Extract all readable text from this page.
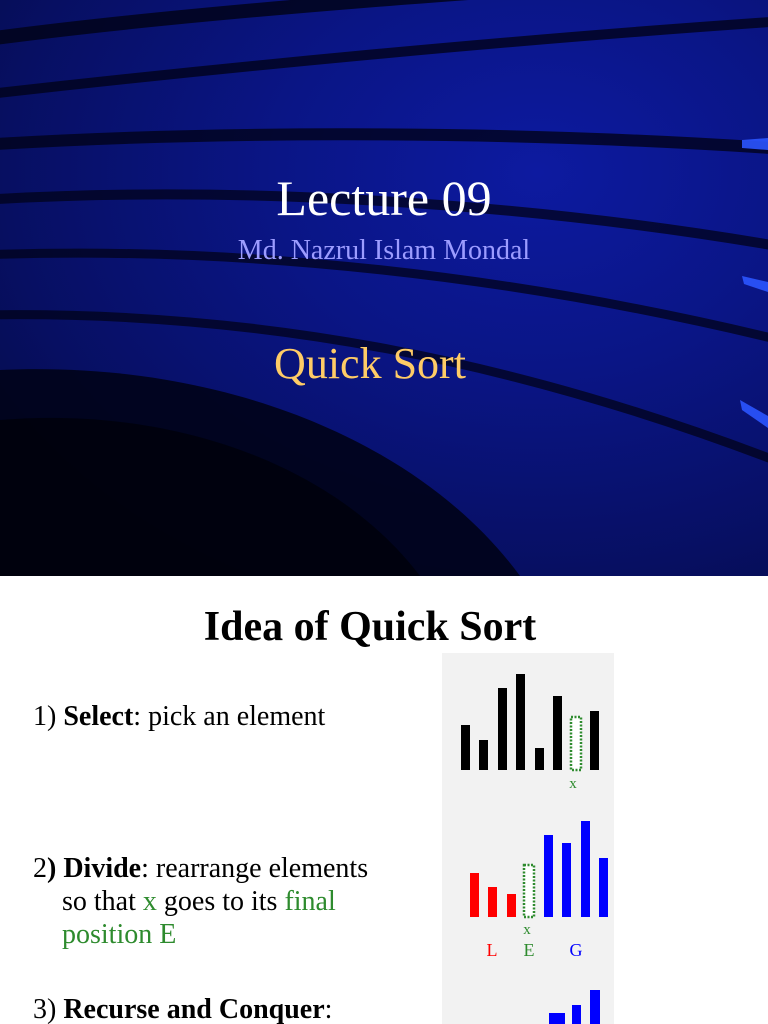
Lecture 09
Md. Nazrul Islam Mondal
Quick Sort
Idea of Quick Sort
x
x
L E G
1) Select: pick an element
2) Divide: rearrange elements
so that x goes to its final
position E
3) Recurse and Conquer:
